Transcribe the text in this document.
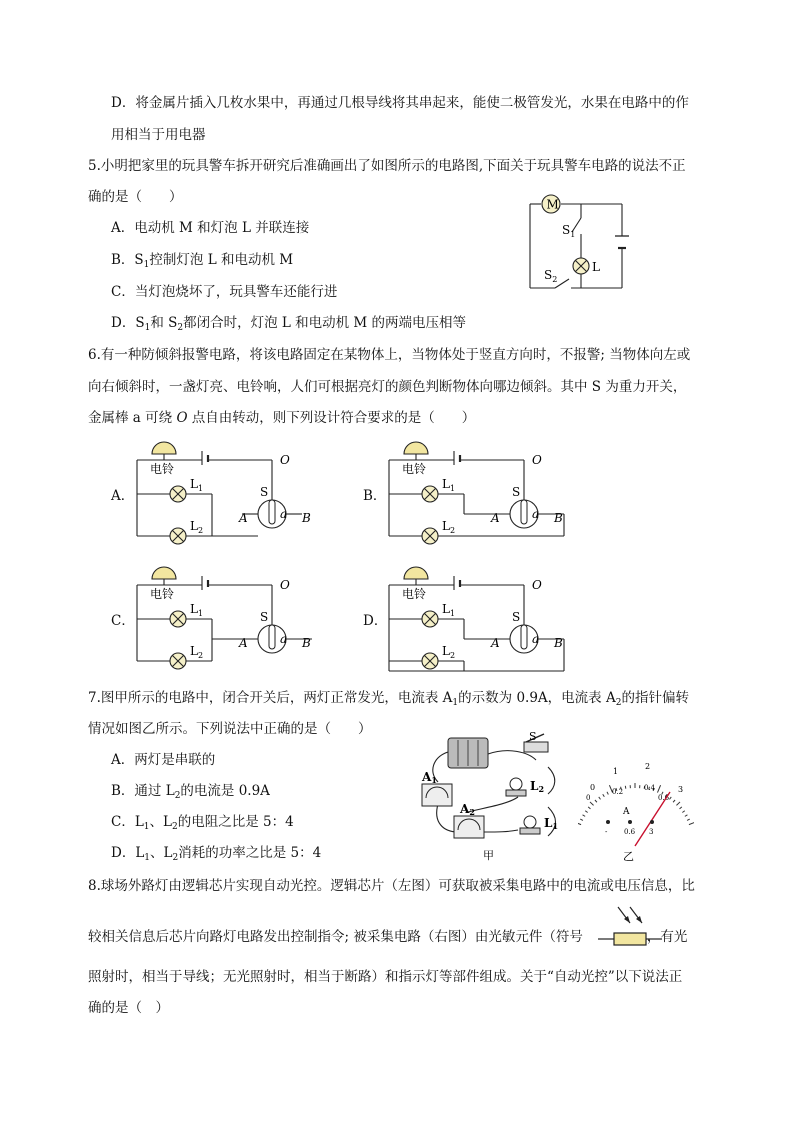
D．将金属片插入几枚水果中，再通过几根导线将其串起来，能使二极管发光，水果在电路中的作
用相当于用电器
5.小明把家里的玩具警车拆开研究后准确画出了如图所示的电路图,下面关于玩具警车电路的说法不正
确的是（　　）
A．电动机 M 和灯泡 L 并联连接
B．$S_1$控制灯泡 L 和电动机 M
C．当灯泡烧坏了，玩具警车还能行进
D．$S_1$和 $S_2$都闭合时，灯泡 L 和电动机 M 的两端电压相等
M
L
$S_1$
$S_2$
6.有一种防倾斜报警电路，将该电路固定在某物体上，当物体处于竖直方向时，不报警; 当物体向左或
向右倾斜时，一盏灯亮、电铃响，人们可根据亮灯的颜色判断物体向哪边倾斜。其中 S 为重力开关，
金属棒 a 可绕 O 点自由转动，则下列设计符合要求的是（　　）
A．	B．
C．	D．
电铃
O
a
S
$L_1$
$L_2$
A	B
电铃
O
a
S
$L_1$
$L_2$
A	B
电铃
O
a
S
$L_1$
$L_2$
A	B
电铃
O
a
S
$L_1$
$L_2$
A	B
7.图甲所示的电路中，闭合开关后，两灯正常发光，电流表 $A_1$的示数为 0.9A，电流表 $A_2$的指针偏转
情况如图乙所示。下列说法中正确的是（　　）
A．两灯是串联的
B．通过 $L_2$的电流是 0.9A
C．$L_1$、$L_2$的电阻之比是 5：4
D．$L_1$、$L_2$消耗的功率之比是 5：4
S
A1
A2
L2
L1
甲
0
1
2
3
0
0.2	0.4
0.6
A
- 0.6 3
乙
8.球场外路灯由逻辑芯片实现自动光控。逻辑芯片（左图）可获取被采集电路中的电流或电压信息，比
较相关信息后芯片向路灯电路发出控制指令; 被采集电路（右图）由光敏元件（符号	，有光
照射时，相当于导线；无光照射时，相当于断路）和指示灯等部件组成。关于“自动光控”以下说法正
确的是（　）
